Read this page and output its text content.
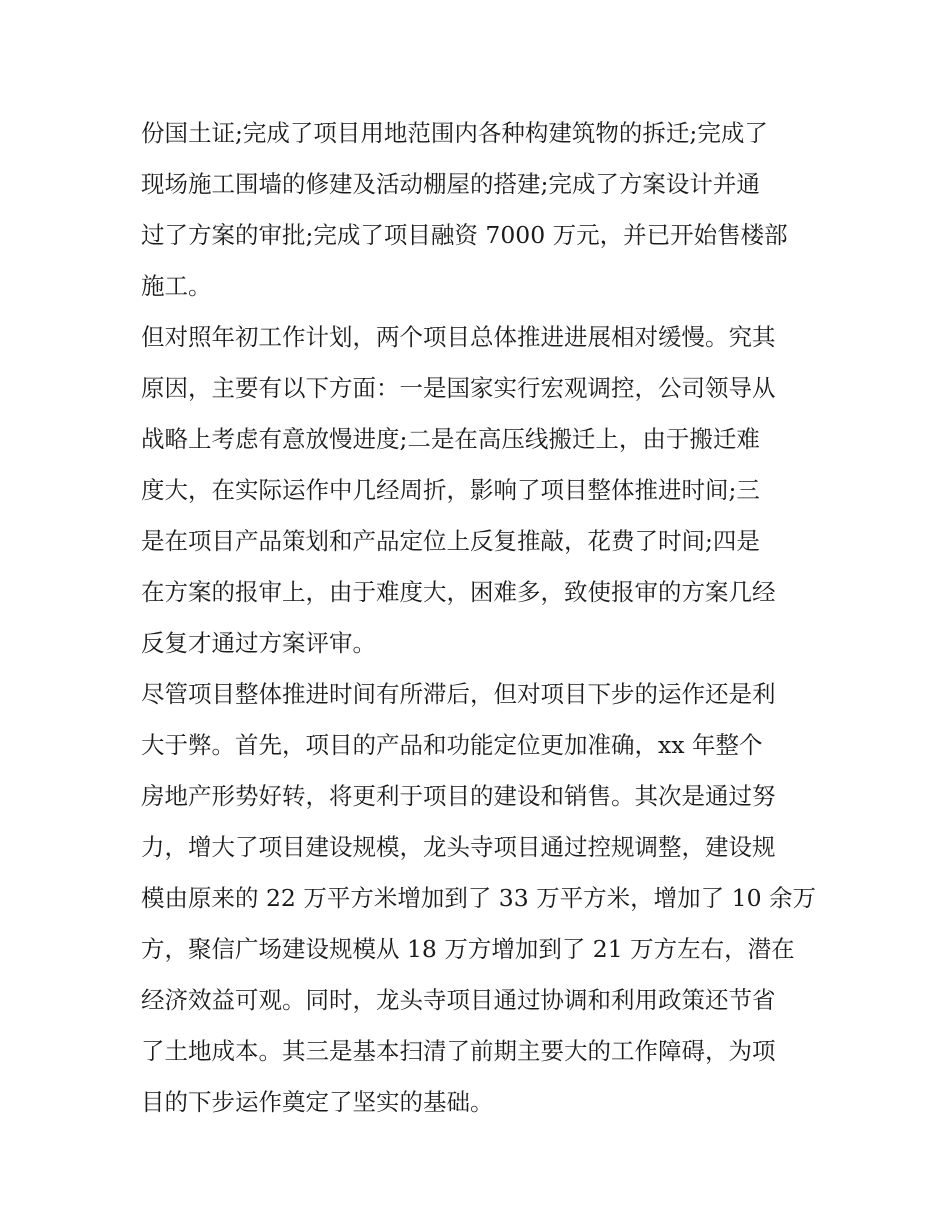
份国土证;完成了项目用地范围内各种构建筑物的拆迁;完成了
现场施工围墙的修建及活动棚屋的搭建;完成了方案设计并通
过了方案的审批;完成了项目融资 7000 万元，并已开始售楼部
施工。

但对照年初工作计划，两个项目总体推进进展相对缓慢。究其
原因，主要有以下方面：一是国家实行宏观调控，公司领导从
战略上考虑有意放慢进度;二是在高压线搬迁上，由于搬迁难
度大，在实际运作中几经周折，影响了项目整体推进时间;三
是在项目产品策划和产品定位上反复推敲，花费了时间;四是
在方案的报审上，由于难度大，困难多，致使报审的方案几经
反复才通过方案评审。

尽管项目整体推进时间有所滞后，但对项目下步的运作还是利
大于弊。首先，项目的产品和功能定位更加准确，xx 年整个
房地产形势好转，将更利于项目的建设和销售。其次是通过努
力，增大了项目建设规模，龙头寺项目通过控规调整，建设规
模由原来的 22 万平方米增加到了 33 万平方米，增加了 10 余万
方，聚信广场建设规模从 18 万方增加到了 21 万方左右，潜在
经济效益可观。同时，龙头寺项目通过协调和利用政策还节省
了土地成本。其三是基本扫清了前期主要大的工作障碍，为项
目的下步运作奠定了坚实的基础。
